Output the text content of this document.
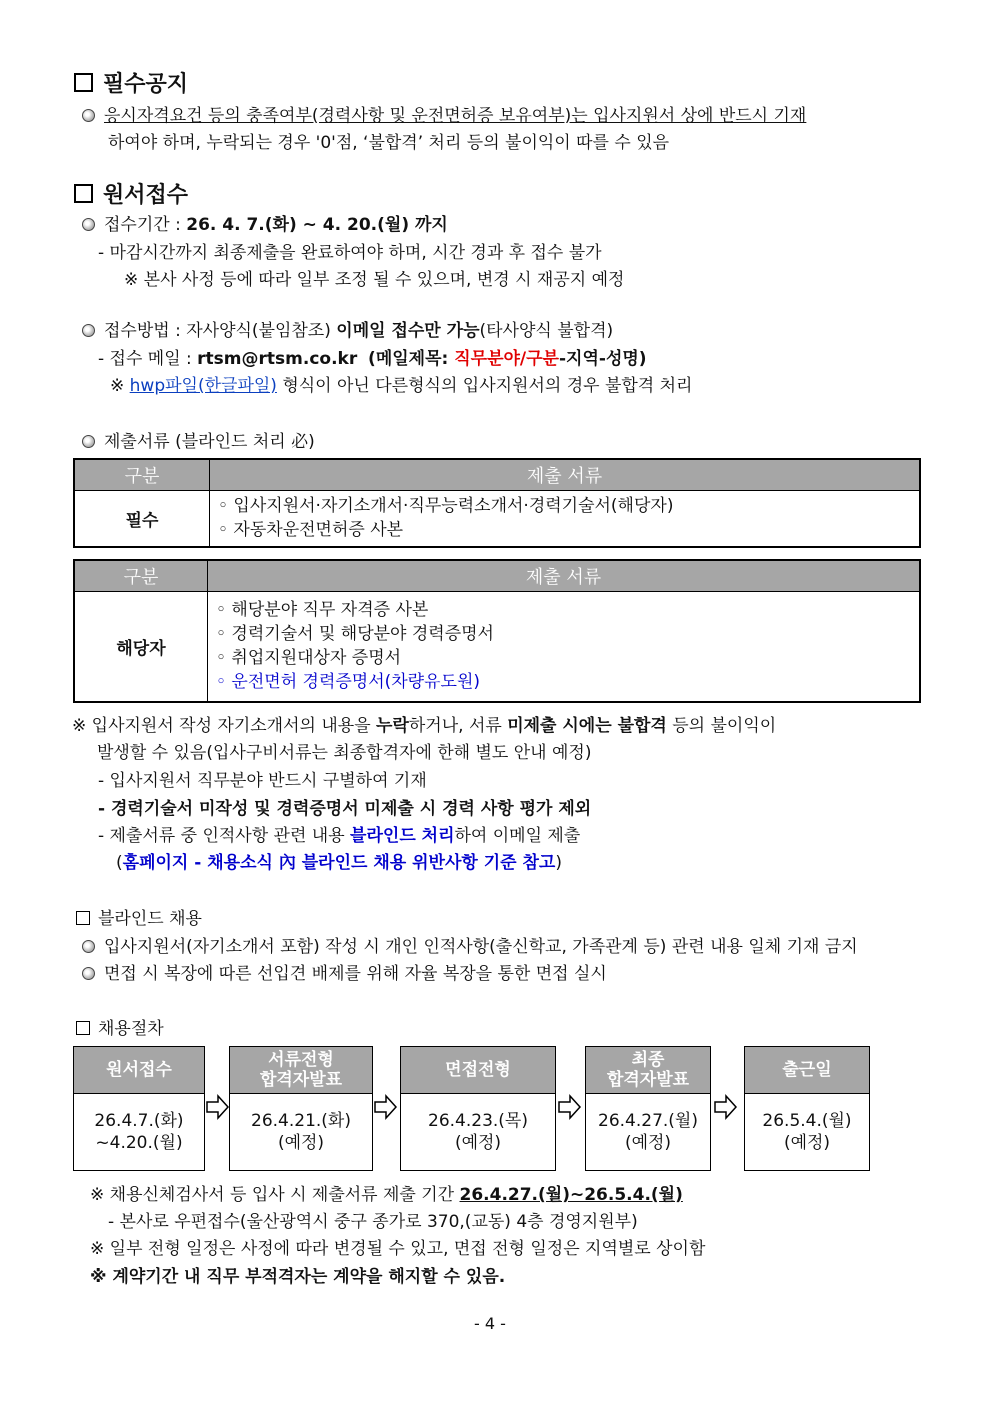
필수공지
응시자격요건 등의 충족여부(경력사항 및 운전면허증 보유여부)는 입사지원서 상에 반드시 기재
하여야 하며, 누락되는 경우 '0'점, ‘불합격’ 처리 등의 불이익이 따를 수 있음
원서접수
접수기간 : 26. 4. 7.(화) ~ 4. 20.(월) 까지
- 마감시간까지 최종제출을 완료하여야 하며, 시간 경과 후 접수 불가
※ 본사 사정 등에 따라 일부 조정 될 수 있으며, 변경 시 재공지 예정
접수방법 : 자사양식(붙임참조) 이메일 접수만 가능(타사양식 불합격)
- 접수 메일 : rtsm@rtsm.co.kr (메일제목: 직무분야/구분-지역-성명)
※ hwp파일(한글파일) 형식이 아닌 다른형식의 입사지원서의 경우 불합격 처리
제출서류 (블라인드 처리 必)
구분	제출 서류
필수	◦ 입사지원서·자기소개서·직무능력소개서·경력기술서(해당자)
◦ 자동차운전면허증 사본
구분	제출 서류
해당자	◦ 해당분야 직무 자격증 사본
◦ 경력기술서 및 해당분야 경력증명서
◦ 취업지원대상자 증명서
◦ 운전면허 경력증명서(차량유도원)
※ 입사지원서 작성 자기소개서의 내용을 누락하거나, 서류 미제출 시에는 불합격 등의 불이익이
발생할 수 있음(입사구비서류는 최종합격자에 한해 별도 안내 예정)
- 입사지원서 직무분야 반드시 구별하여 기재
- 경력기술서 미작성 및 경력증명서 미제출 시 경력 사항 평가 제외
- 제출서류 중 인적사항 관련 내용 블라인드 처리하여 이메일 제출
(홈페이지 - 채용소식 內 블라인드 채용 위반사항 기준 참고)
블라인드 채용
입사지원서(자기소개서 포함) 작성 시 개인 인적사항(출신학교, 가족관계 등) 관련 내용 일체 기재 금지
면접 시 복장에 따른 선입견 배제를 위해 자율 복장을 통한 면접 실시
채용절차
원서접수
26.4.7.(화)
~4.20.(월)
서류전형
합격자발표
26.4.21.(화)
(예정)
면접전형
26.4.23.(목)
(예정)
최종
합격자발표
26.4.27.(월)
(예정)
출근일
26.5.4.(월)
(예정)
※ 채용신체검사서 등 입사 시 제출서류 제출 기간 26.4.27.(월)~26.5.4.(월)
- 본사로 우편접수(울산광역시 중구 종가로 370,(교동) 4층 경영지원부)
※ 일부 전형 일정은 사정에 따라 변경될 수 있고, 면접 전형 일정은 지역별로 상이함
※ 계약기간 내 직무 부적격자는 계약을 해지할 수 있음.
- 4 -
